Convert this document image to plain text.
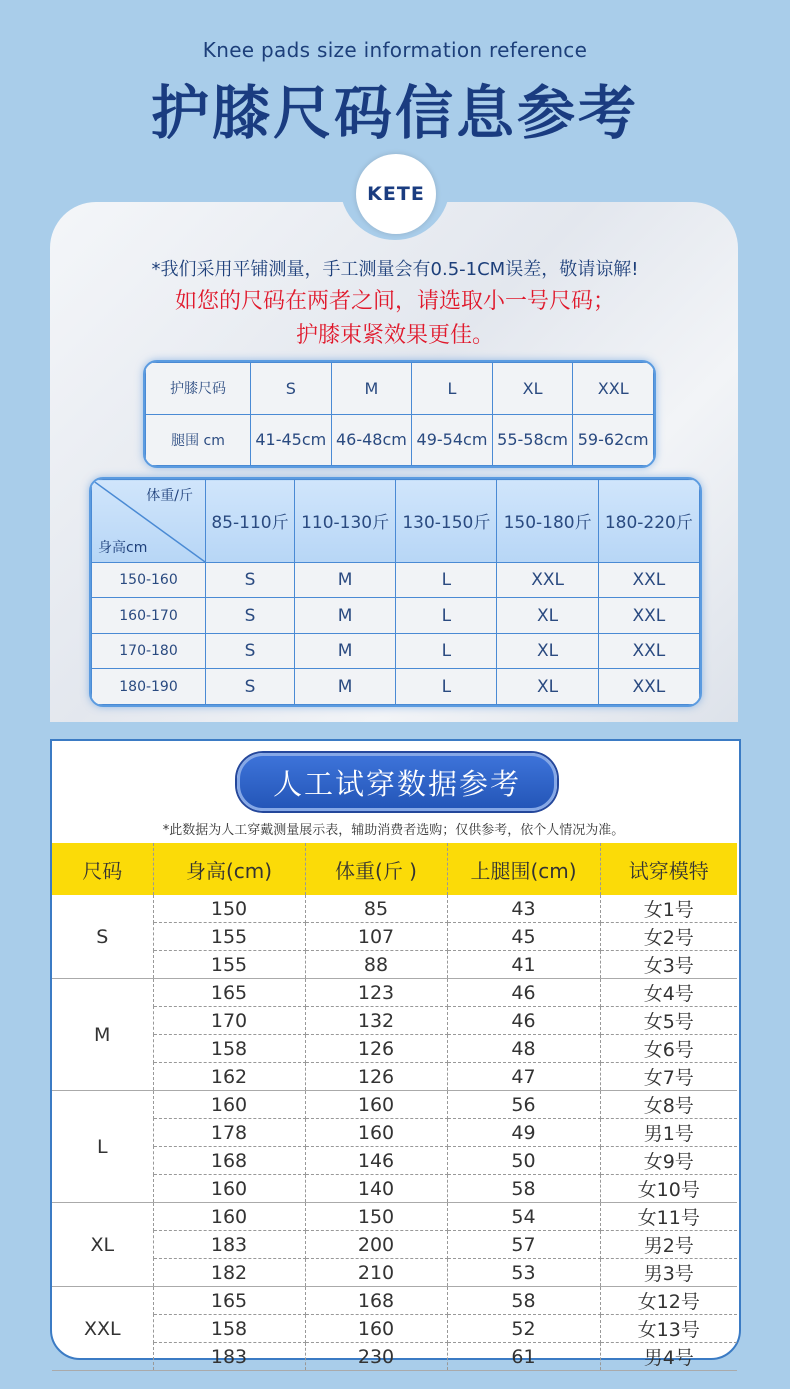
Knee pads size information reference
护膝尺码信息参考
KETE
*我们采用平铺测量，手工测量会有0.5-1CM误差，敬请谅解!
如您的尺码在两者之间，请选取小一号尺码；
护膝束紧效果更佳。
护膝尺码	S	M	L	XL	XXL
腿围 cm	41-45cm	46-48cm	49-54cm	55-58cm	59-62cm
体重/斤
身高cm	85-110斤	110-130斤	130-150斤	150-180斤	180-220斤
150-160	S	M	L	XXL	XXL
160-170	S	M	L	XL	XXL
170-180	S	M	L	XL	XXL
180-190	S	M	L	XL	XXL
人工试穿数据参考
*此数据为人工穿戴测量展示表，辅助消费者选购；仅供参考，依个人情况为准。
尺码	身高(cm)	体重(斤 )	上腿围(cm)	试穿模特
S	150	85	43	女1号
	155	107	45	女2号
	155	88	41	女3号
M	165	123	46	女4号
	170	132	46	女5号
	158	126	48	女6号
	162	126	47	女7号
L	160	160	56	女8号
	178	160	49	男1号
	168	146	50	女9号
	160	140	58	女10号
XL	160	150	54	女11号
	183	200	57	男2号
	182	210	53	男3号
XXL	165	168	58	女12号
	158	160	52	女13号
	183	230	61	男4号
